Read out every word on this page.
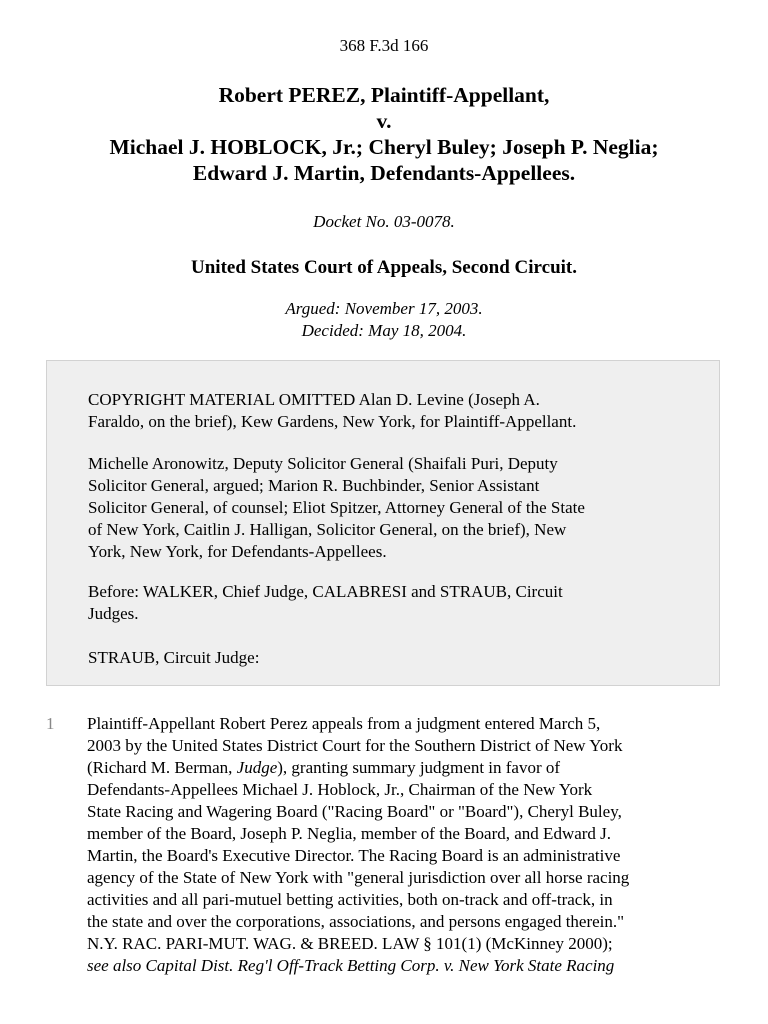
368 F.3d 166
Robert PEREZ, Plaintiff-Appellant,
v.
Michael J. HOBLOCK, Jr.; Cheryl Buley; Joseph P. Neglia;
Edward J. Martin, Defendants-Appellees.
Docket No. 03-0078.
United States Court of Appeals, Second Circuit.
Argued: November 17, 2003.
Decided: May 18, 2004.

COPYRIGHT MATERIAL OMITTED Alan D. Levine (Joseph A.
Faraldo, on the brief), Kew Gardens, New York, for Plaintiff-Appellant.

Michelle Aronowitz, Deputy Solicitor General (Shaifali Puri, Deputy
Solicitor General, argued; Marion R. Buchbinder, Senior Assistant
Solicitor General, of counsel; Eliot Spitzer, Attorney General of the State
of New York, Caitlin J. Halligan, Solicitor General, on the brief), New
York, New York, for Defendants-Appellees.

Before: WALKER, Chief Judge, CALABRESI and STRAUB, Circuit
Judges.

STRAUB, Circuit Judge:

1 Plaintiff-Appellant Robert Perez appeals from a judgment entered March 5,
2003 by the United States District Court for the Southern District of New York
(Richard M. Berman, Judge), granting summary judgment in favor of
Defendants-Appellees Michael J. Hoblock, Jr., Chairman of the New York
State Racing and Wagering Board ("Racing Board" or "Board"), Cheryl Buley,
member of the Board, Joseph P. Neglia, member of the Board, and Edward J.
Martin, the Board's Executive Director. The Racing Board is an administrative
agency of the State of New York with "general jurisdiction over all horse racing
activities and all pari-mutuel betting activities, both on-track and off-track, in
the state and over the corporations, associations, and persons engaged therein."
N.Y. RAC. PARI-MUT. WAG. & BREED. LAW § 101(1) (McKinney 2000);
see also Capital Dist. Reg'l Off-Track Betting Corp. v. New York State Racing
